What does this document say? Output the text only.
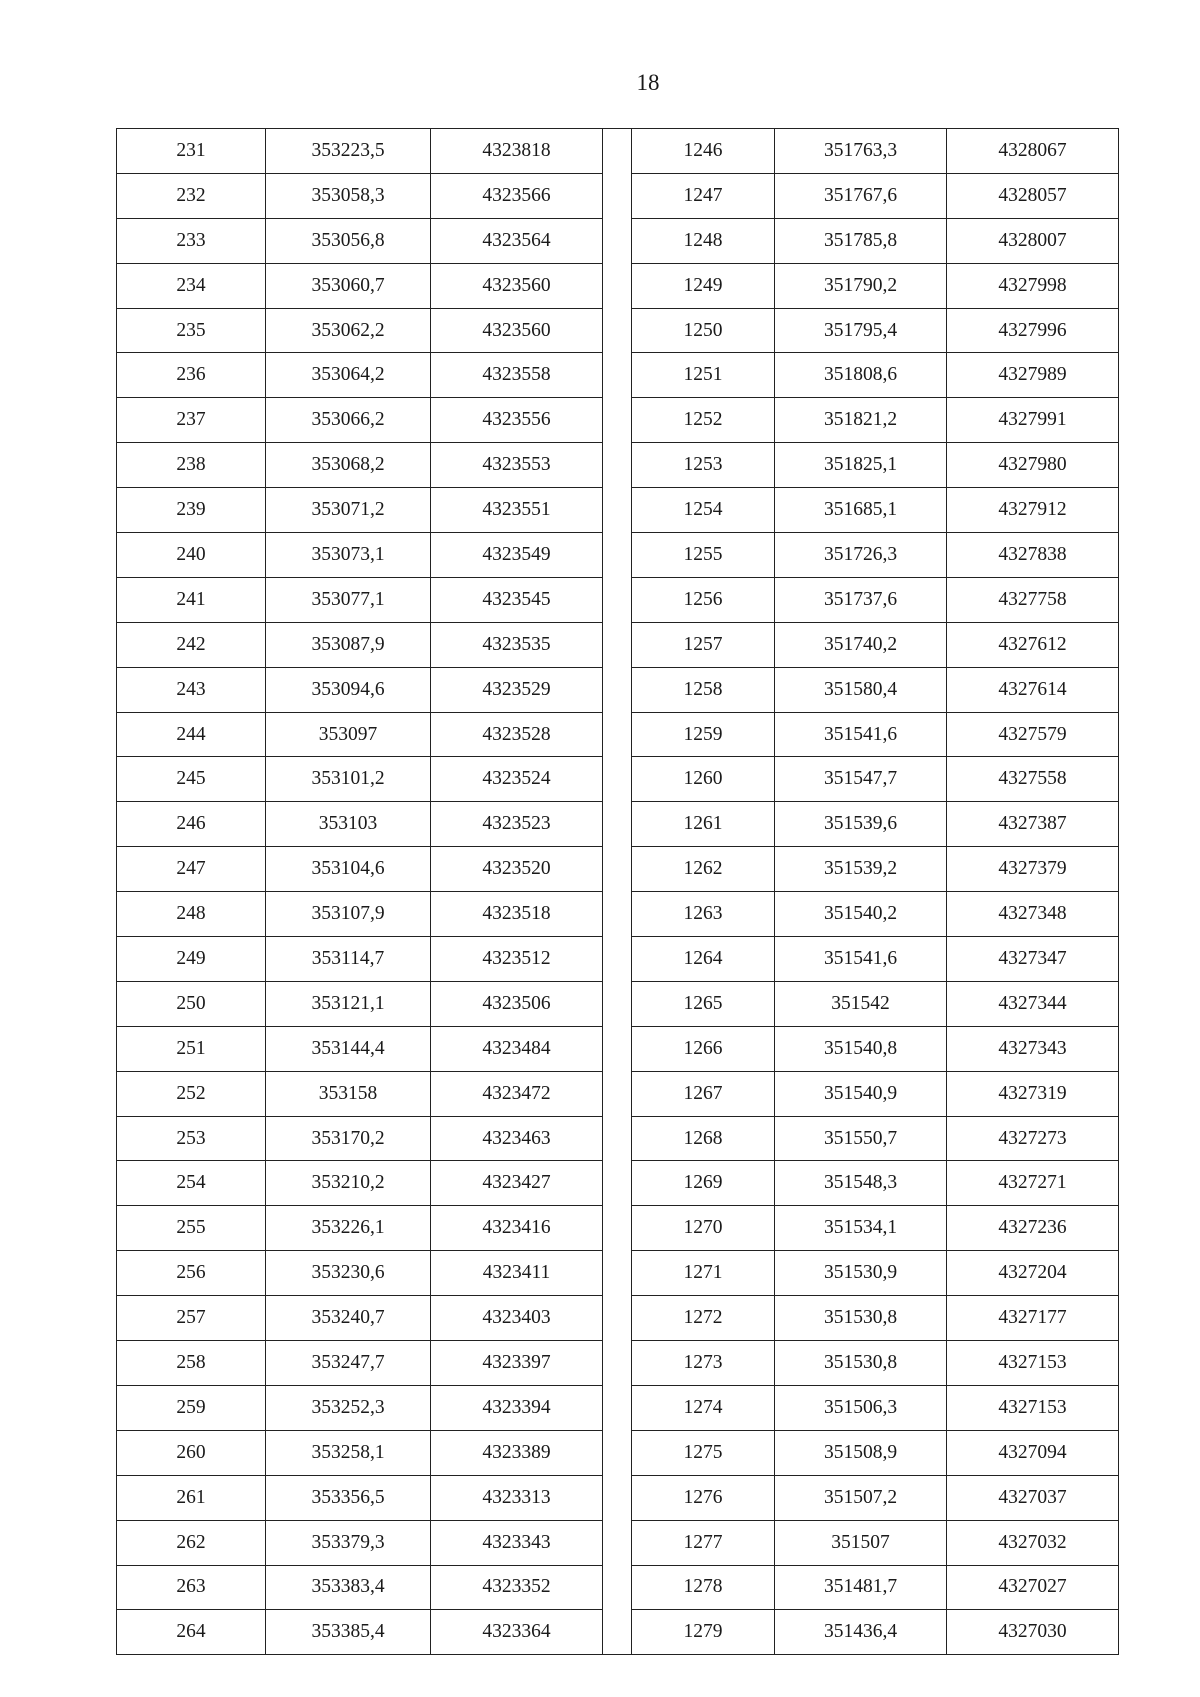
18
231	353223,5	4323818		1246	351763,3	4328067
232	353058,3	4323566		1247	351767,6	4328057
233	353056,8	4323564		1248	351785,8	4328007
234	353060,7	4323560		1249	351790,2	4327998
235	353062,2	4323560		1250	351795,4	4327996
236	353064,2	4323558		1251	351808,6	4327989
237	353066,2	4323556		1252	351821,2	4327991
238	353068,2	4323553		1253	351825,1	4327980
239	353071,2	4323551		1254	351685,1	4327912
240	353073,1	4323549		1255	351726,3	4327838
241	353077,1	4323545		1256	351737,6	4327758
242	353087,9	4323535		1257	351740,2	4327612
243	353094,6	4323529		1258	351580,4	4327614
244	353097	4323528		1259	351541,6	4327579
245	353101,2	4323524		1260	351547,7	4327558
246	353103	4323523		1261	351539,6	4327387
247	353104,6	4323520		1262	351539,2	4327379
248	353107,9	4323518		1263	351540,2	4327348
249	353114,7	4323512		1264	351541,6	4327347
250	353121,1	4323506		1265	351542	4327344
251	353144,4	4323484		1266	351540,8	4327343
252	353158	4323472		1267	351540,9	4327319
253	353170,2	4323463		1268	351550,7	4327273
254	353210,2	4323427		1269	351548,3	4327271
255	353226,1	4323416		1270	351534,1	4327236
256	353230,6	4323411		1271	351530,9	4327204
257	353240,7	4323403		1272	351530,8	4327177
258	353247,7	4323397		1273	351530,8	4327153
259	353252,3	4323394		1274	351506,3	4327153
260	353258,1	4323389		1275	351508,9	4327094
261	353356,5	4323313		1276	351507,2	4327037
262	353379,3	4323343		1277	351507	4327032
263	353383,4	4323352		1278	351481,7	4327027
264	353385,4	4323364		1279	351436,4	4327030
